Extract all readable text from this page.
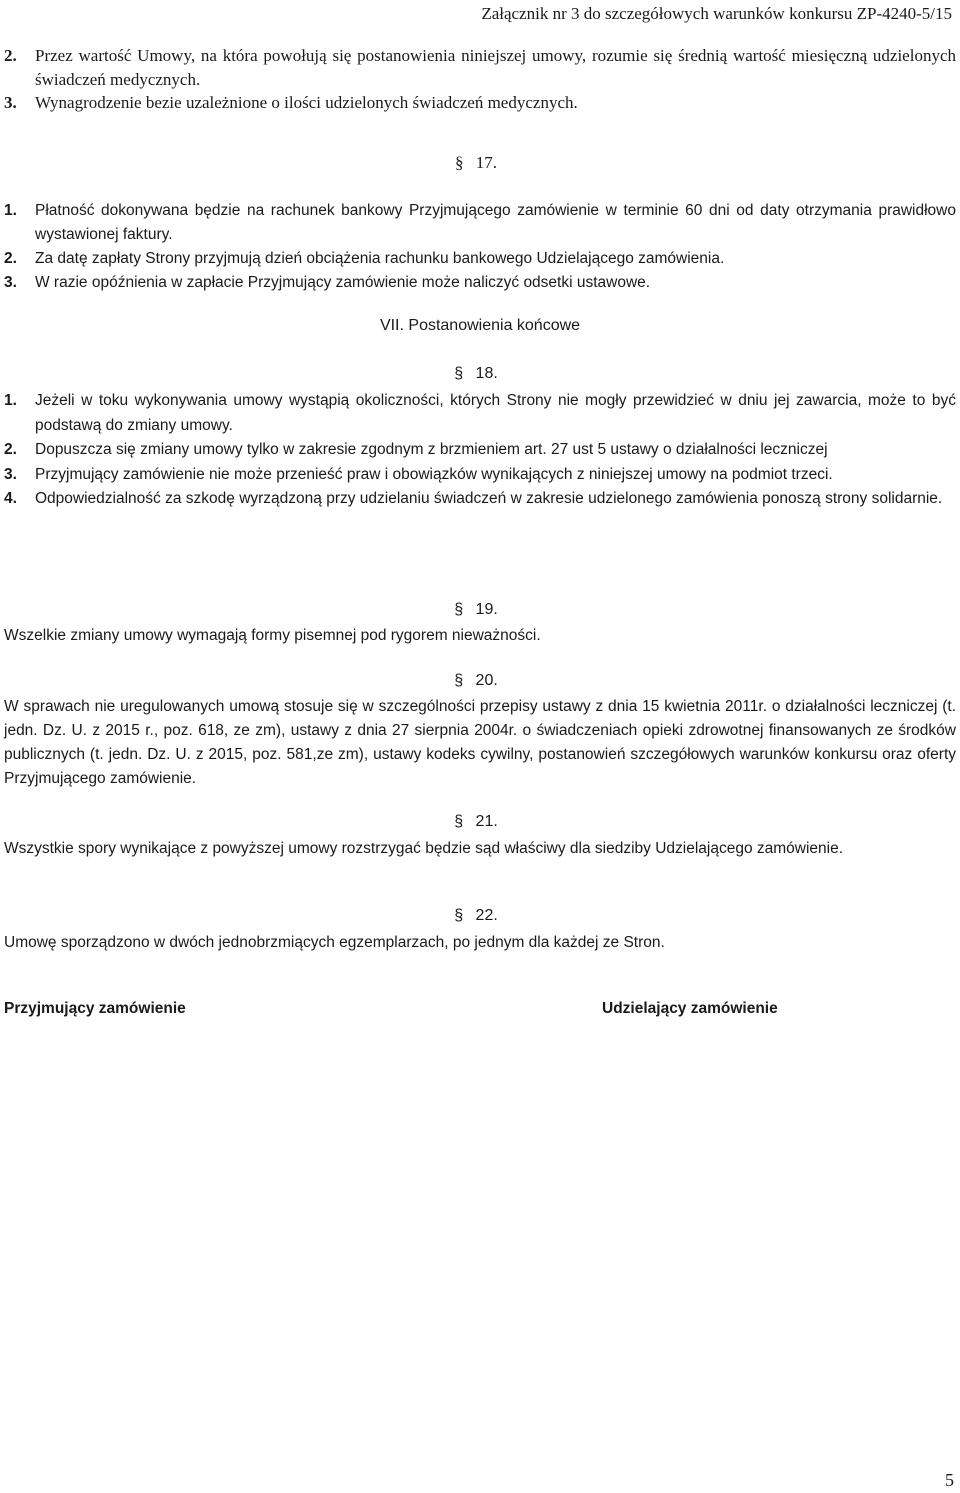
Załącznik nr 3 do szczegółowych warunków konkursu ZP-4240-5/15
2. Przez wartość Umowy, na która powołują się postanowienia niniejszej umowy, rozumie się średnią wartość miesięczną udzielonych świadczeń medycznych.
3. Wynagrodzenie bezie uzależnione o ilości udzielonych świadczeń medycznych.
§ 17.
1. Płatność dokonywana będzie na rachunek bankowy Przyjmującego zamówienie w terminie 60 dni od daty otrzymania prawidłowo wystawionej faktury.
2. Za datę zapłaty Strony przyjmują dzień obciążenia rachunku bankowego Udzielającego zamówienia.
3. W razie opóźnienia w zapłacie Przyjmujący zamówienie może naliczyć odsetki ustawowe.
VII. Postanowienia końcowe
§ 18.
1. Jeżeli w toku wykonywania umowy wystąpią okoliczności, których Strony nie mogły przewidzieć w dniu jej zawarcia, może to być podstawą do zmiany umowy.
2. Dopuszcza się zmiany umowy tylko w zakresie zgodnym z brzmieniem art. 27 ust 5 ustawy o działalności leczniczej
3. Przyjmujący zamówienie nie może przenieść praw i obowiązków wynikających z niniejszej umowy na podmiot trzeci.
4. Odpowiedzialność za szkodę wyrządzoną przy udzielaniu świadczeń w zakresie udzielonego zamówienia ponoszą strony solidarnie.
§ 19.
Wszelkie zmiany umowy wymagają formy pisemnej pod rygorem nieważności.
§ 20.
W sprawach nie uregulowanych umową stosuje się w szczególności przepisy ustawy z dnia 15 kwietnia 2011r. o działalności leczniczej (t. jedn. Dz. U. z 2015 r., poz. 618, ze zm), ustawy z dnia 27 sierpnia 2004r. o świadczeniach opieki zdrowotnej finansowanych ze środków publicznych (t. jedn. Dz. U. z 2015, poz. 581,ze zm), ustawy kodeks cywilny, postanowień szczegółowych warunków konkursu oraz oferty Przyjmującego zamówienie.
§ 21.
Wszystkie spory wynikające z powyższej umowy rozstrzygać będzie sąd właściwy dla siedziby Udzielającego zamówienie.
§ 22.
Umowę sporządzono w dwóch jednobrzmiących egzemplarzach, po jednym dla każdej ze Stron.
Przyjmujący zamówienie	Udzielający zamówienie
5
